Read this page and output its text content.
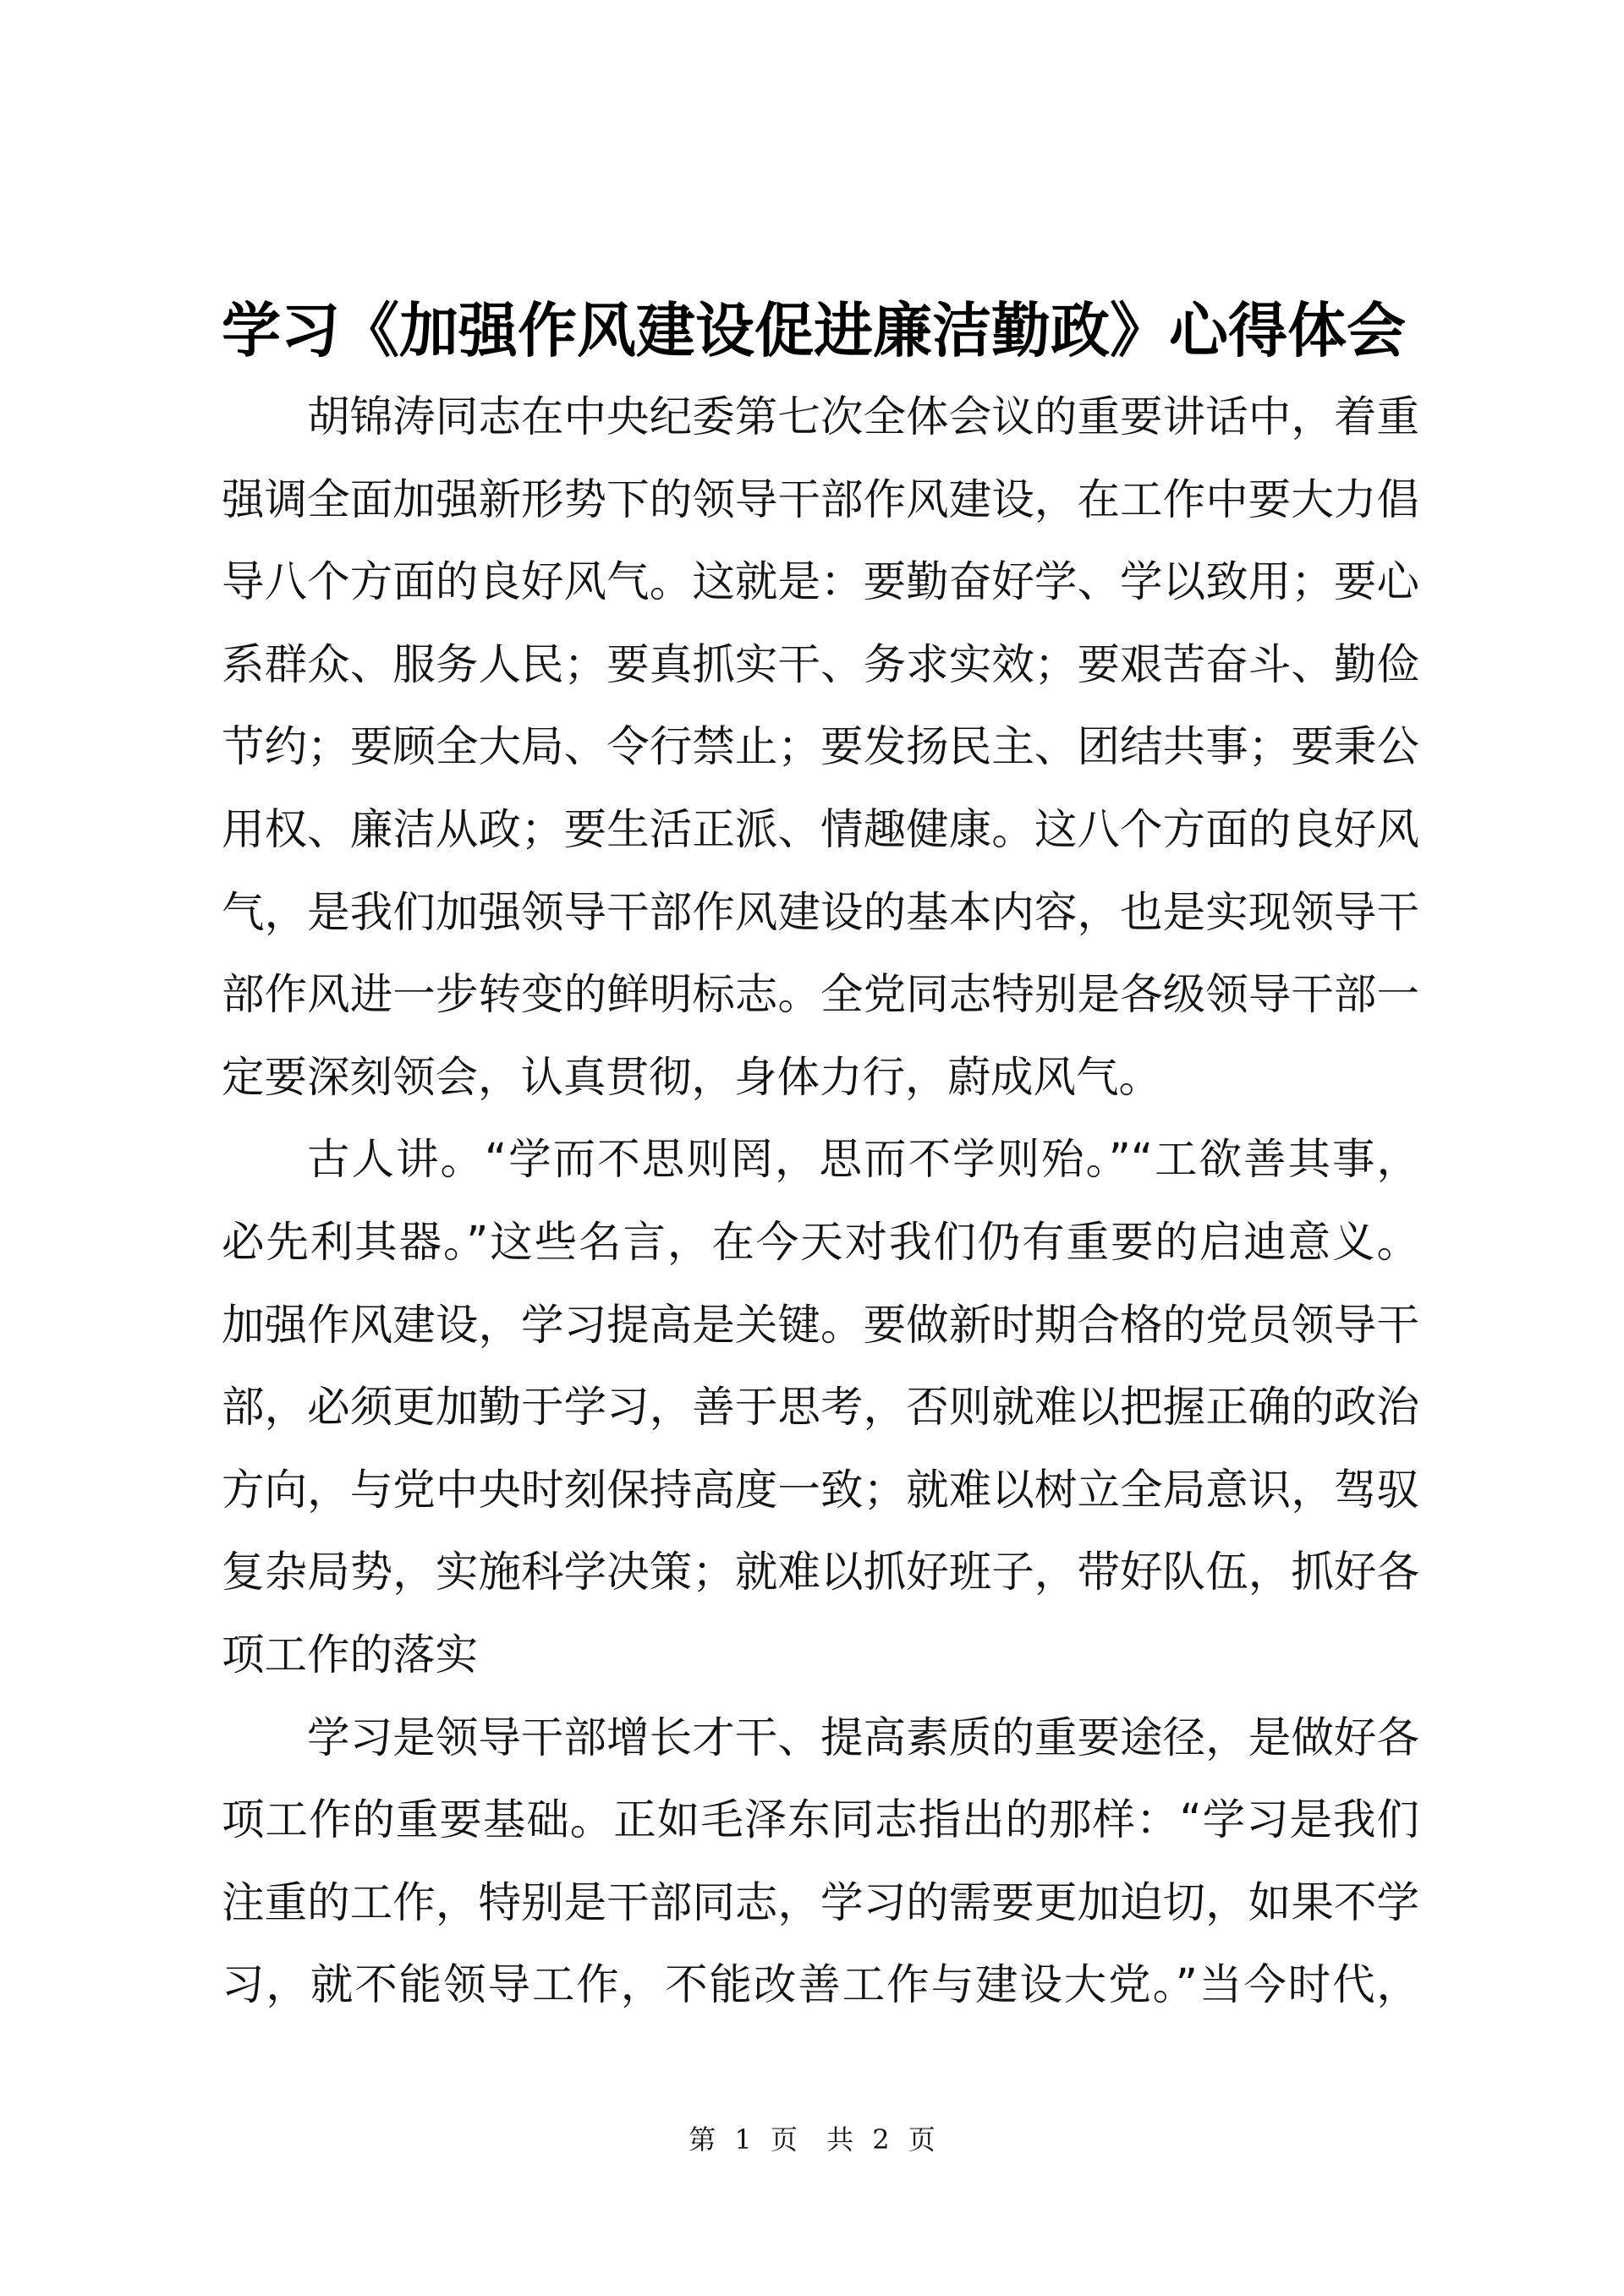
学习《加强作风建设促进廉洁勤政》心得体会
胡锦涛同志在中央纪委第七次全体会议的重要讲话中，着重
强调全面加强新形势下的领导干部作风建设，在工作中要大力倡
导八个方面的良好风气。这就是：要勤奋好学、学以致用；要心
系群众、服务人民；要真抓实干、务求实效；要艰苦奋斗、勤俭
节约；要顾全大局、令行禁止；要发扬民主、团结共事；要秉公
用权、廉洁从政；要生活正派、情趣健康。这八个方面的良好风
气，是我们加强领导干部作风建设的基本内容，也是实现领导干
部作风进一步转变的鲜明标志。全党同志特别是各级领导干部一
定要深刻领会，认真贯彻，身体力行，蔚成风气。
古人讲。“学而不思则罔，思而不学则殆。”“工欲善其事，
必先利其器。”这些名言，在今天对我们仍有重要的启迪意义。
加强作风建设，学习提高是关键。要做新时期合格的党员领导干
部，必须更加勤于学习，善于思考，否则就难以把握正确的政治
方向，与党中央时刻保持高度一致；就难以树立全局意识，驾驭
复杂局势，实施科学决策；就难以抓好班子，带好队伍，抓好各
项工作的落实
学习是领导干部增长才干、提高素质的重要途径，是做好各
项工作的重要基础。正如毛泽东同志指出的那样：“学习是我们
注重的工作，特别是干部同志，学习的需要更加迫切，如果不学
习，就不能领导工作，不能改善工作与建设大党。”当今时代，
第 1 页 共 2 页
